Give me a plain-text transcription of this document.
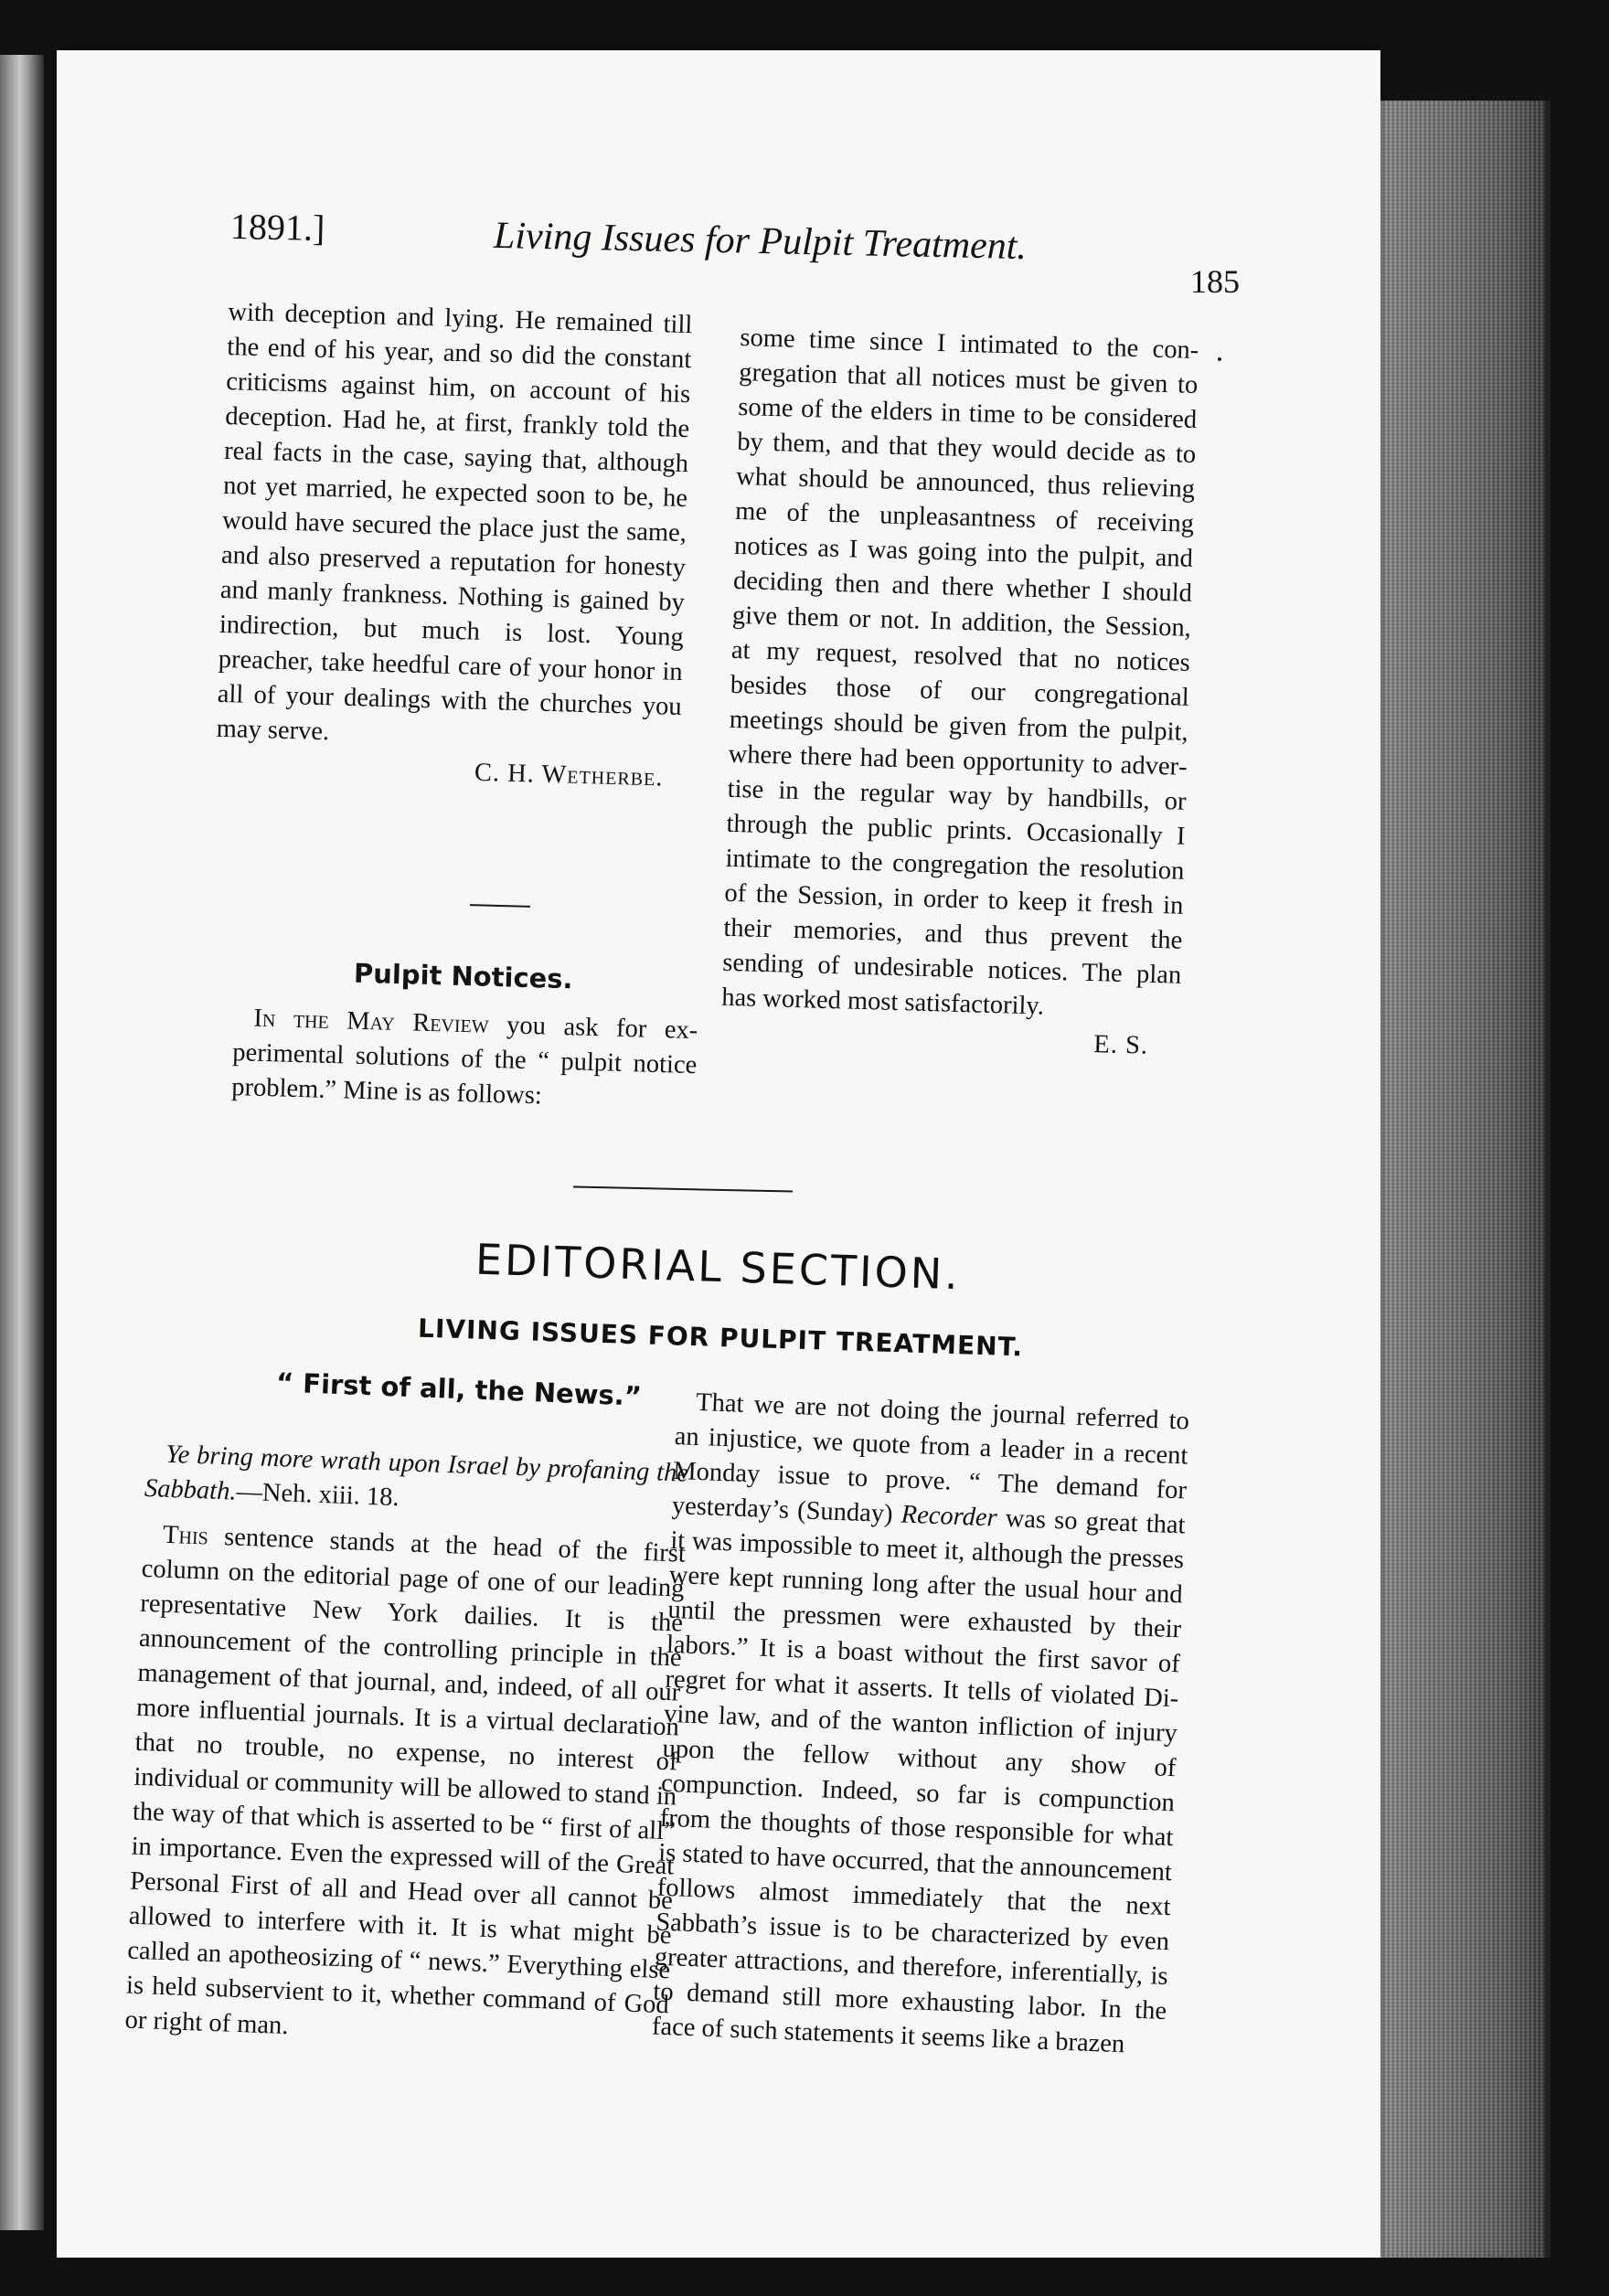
1891.]	Living Issues for Pulpit Treatment.
185

with deception and lying. He remained till the end of his year, and so did the constant criticisms against him, on account of his deception. Had he, at first, frankly told the real facts in the case, saying that, although not yet married, he expected soon to be, he would have secured the place just the same, and also preserved a reputation for honesty and manly frankness. Nothing is gained by indirection, but much is lost. Young preacher, take heedful care of your honor in all of your dealings with the churches you may serve.

C. H. Wetherbe.

Pulpit Notices.

In the May Review you ask for experimental solutions of the “ pulpit notice problem.” Mine is as follows:

some time since I intimated to the congregation that all notices must be given to some of the elders in time to be considered by them, and that they would decide as to what should be announced, thus relieving me of the unpleasantness of receiving notices as I was going into the pulpit, and deciding then and there whether I should give them or not. In addition, the Session, at my request, resolved that no notices besides those of our congregational meetings should be given from the pulpit, where there had been opportunity to advertise in the regular way by handbills, or through the public prints. Occasionally I intimate to the congregation the resolution of the Session, in order to keep it fresh in their memories, and thus prevent the sending of undesirable notices. The plan has worked most satisfactorily.

E. S.

EDITORIAL SECTION.
LIVING ISSUES FOR PULPIT TREATMENT.
“ First of all, the News.”

Ye bring more wrath upon Israel by profaning the Sabbath.—Neh. xiii. 18.

This sentence stands at the head of the first column on the editorial page of one of our leading representative New York dailies. It is the announcement of the controlling principle in the management of that journal, and, indeed, of all our more influential journals. It is a virtual declaration that no trouble, no expense, no interest of individual or community will be allowed to stand in the way of that which is asserted to be “ first of all” in importance. Even the expressed will of the Great Personal First of all and Head over all cannot be allowed to interfere with it. It is what might be called an apotheosizing of “ news.” Everything else is held subservient to it, whether command of God or right of man.

That we are not doing the journal referred to an injustice, we quote from a leader in a recent Monday issue to prove. “ The demand for yesterday’s (Sunday) Recorder was so great that it was impossible to meet it, although the presses were kept running long after the usual hour and until the pressmen were exhausted by their labors.” It is a boast without the first savor of regret for what it asserts. It tells of violated Divine law, and of the wanton infliction of injury upon the fellow without any show of compunction. Indeed, so far is compunction from the thoughts of those responsible for what is stated to have occurred, that the announcement follows almost immediately that the next Sabbath’s issue is to be characterized by even greater attractions, and therefore, inferentially, is to demand still more exhausting labor. In the face of such statements it seems like a brazen
